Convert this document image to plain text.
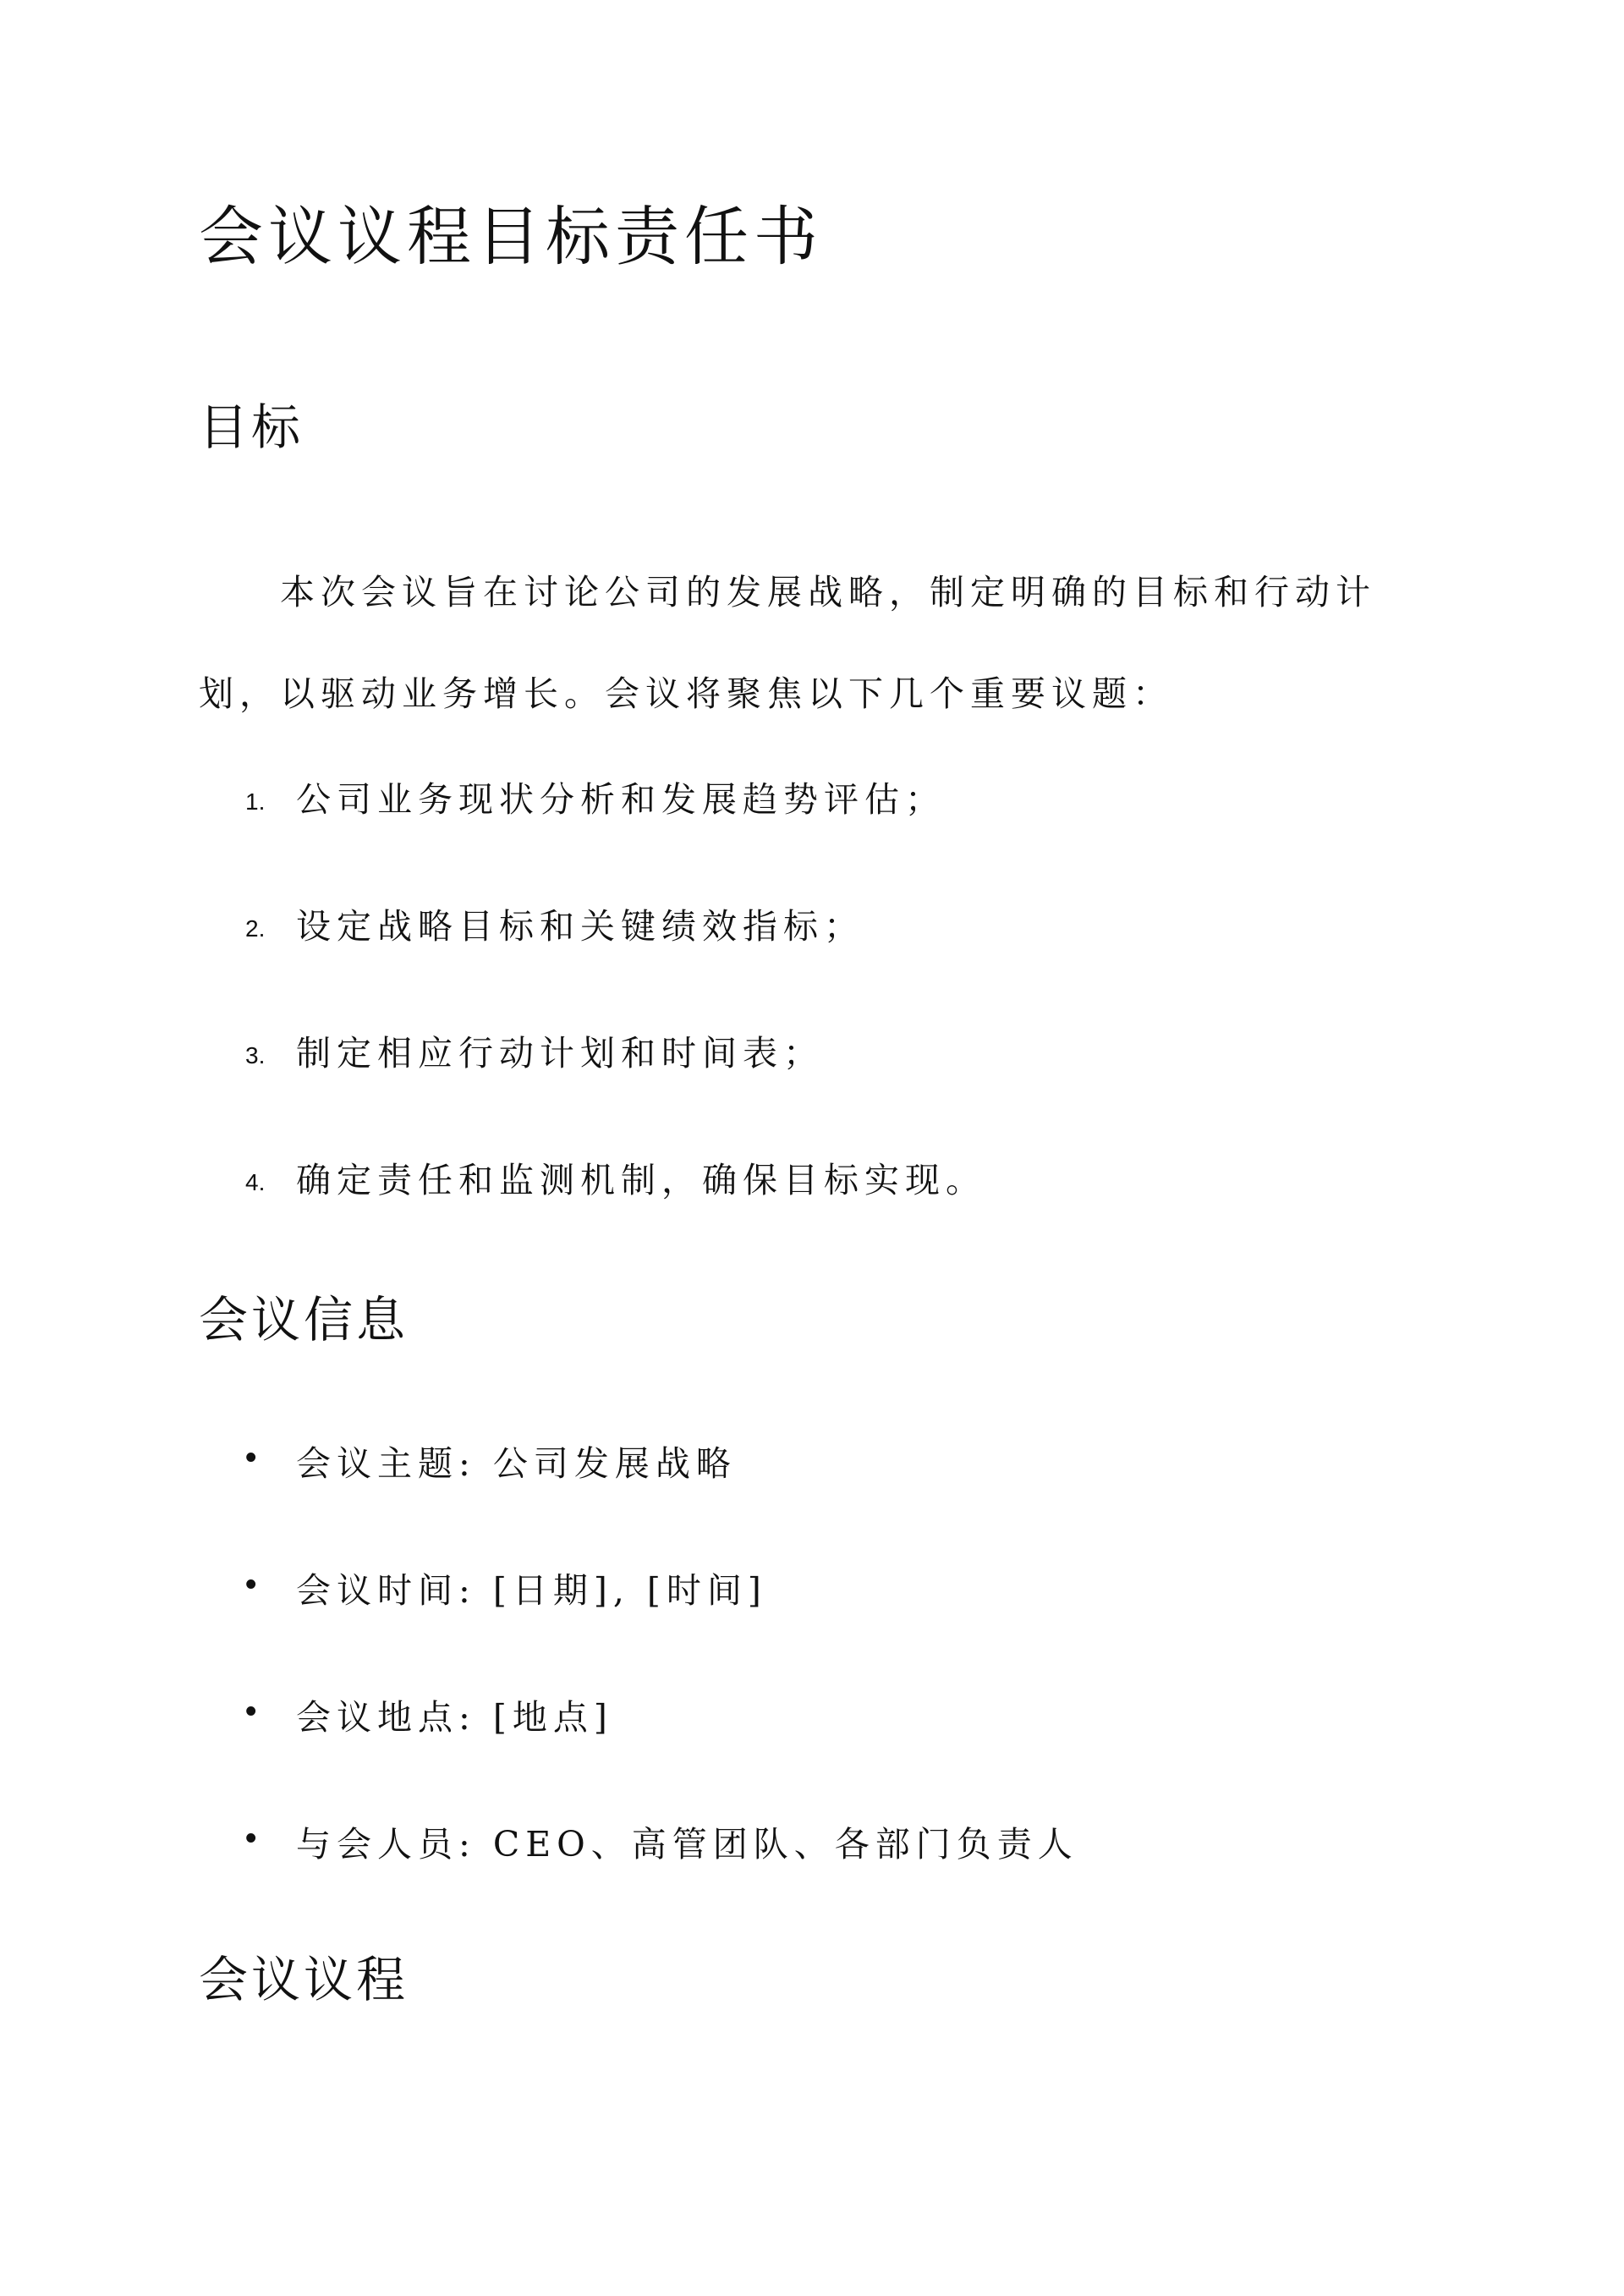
会议议程目标责任书
目标

本次会议旨在讨论公司的发展战略，制定明确的目标和行动计划，以驱动业务增长。会议将聚焦以下几个重要议题：

1. 公司业务现状分析和发展趋势评估；
2. 设定战略目标和关键绩效指标；
3. 制定相应行动计划和时间表；
4. 确定责任和监测机制，确保目标实现。
会议信息
• 会议主题: 公司发展战略
• 会议时间: [日期], [时间]
• 会议地点: [地点]
• 与会人员: CEO、高管团队、各部门负责人
会议议程
